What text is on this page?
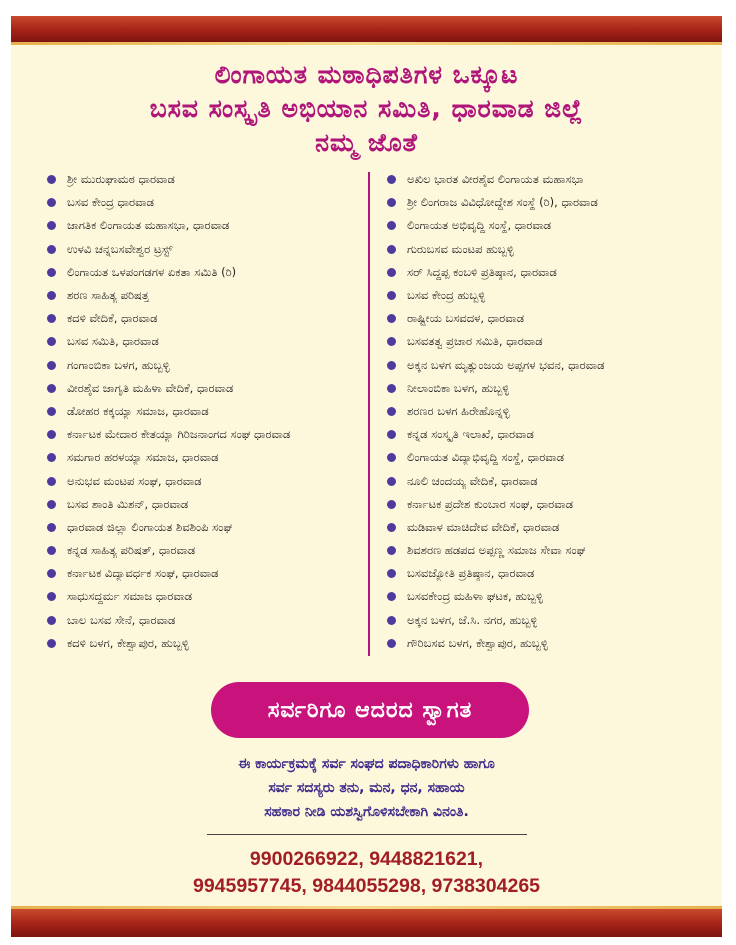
ಲಿಂಗಾಯತ ಮಠಾಧಿಪತಿಗಳ ಒಕ್ಕೂಟ
ಬಸವ ಸಂಸ್ಕೃತಿ ಅಭಿಯಾನ ಸಮಿತಿ, ಧಾರವಾಡ ಜಿಲ್ಲೆ
ನಮ್ಮ ಜೊತೆ
ಶ್ರೀ ಮುರುಘಾಮಠ ಧಾರವಾಡ
ಬಸವ ಕೇಂದ್ರ ಧಾರವಾಡ
ಜಾಗತಿಕ ಲಿಂಗಾಯತ ಮಹಾಸಭಾ, ಧಾರವಾಡ
ಉಳವಿ ಚನ್ನಬಸವೇಶ್ವರ ಟ್ರಸ್ಟ್
ಲಿಂಗಾಯತ ಒಳಪಂಗಡಗಳ ಏಕತಾ ಸಮಿತಿ (ರಿ)
ಶರಣ ಸಾಹಿತ್ಯ ಪರಿಷತ್ತ
ಕದಳಿ ವೇದಿಕೆ, ಧಾರವಾಡ
ಬಸವ ಸಮಿತಿ, ಧಾರವಾಡ
ಗಂಗಾಂಬಿಕಾ ಬಳಗ, ಹುಬ್ಬಳ್ಳಿ
ವೀರಶೈವ ಜಾಗೃತಿ ಮಹಿಳಾ ವೇದಿಕೆ, ಧಾರವಾಡ
ಡೋಹರ ಕಕ್ಕಯ್ಯಾ ಸಮಾಜ, ಧಾರವಾಡ
ಕರ್ನಾಟಕ ಮೇದಾರ ಕೇತಯ್ಯಾ ಗಿರಿಜನಾಂಗದ ಸಂಘ ಧಾರವಾಡ
ಸಮಗಾರ ಹರಳಯ್ಯಾ ಸಮಾಜ, ಧಾರವಾಡ
ಅನುಭವ ಮಂಟಪ ಸಂಘ, ಧಾರವಾಡ
ಬಸವ ಶಾಂತಿ ಮಿಶನ್, ಧಾರವಾಡ
ಧಾರವಾಡ ಜಿಲ್ಲಾ ಲಿಂಗಾಯತ ಶಿವಶಿಂಪಿ ಸಂಘ
ಕನ್ನಡ ಸಾಹಿತ್ಯ ಪರಿಷತ್, ಧಾರವಾಡ
ಕರ್ನಾಟಕ ವಿದ್ಯಾವರ್ಧಕ ಸಂಘ, ಧಾರವಾಡ
ಸಾಧುಸದ್ಧರ್ಮ ಸಮಾಜ ಧಾರವಾಡ
ಬಾಲ ಬಸವ ಸೇನೆ, ಧಾರವಾಡ
ಕದಳಿ ಬಳಗ, ಕೇಶ್ವಾಪುರ, ಹುಬ್ಬಳ್ಳಿ
ಅಖಿಲ ಭಾರತ ವೀರಶೈವ ಲಿಂಗಾಯತ ಮಹಾಸಭಾ
ಶ್ರೀ ಲಿಂಗರಾಜ ವಿವಿಧೋದ್ದೇಶ ಸಂಸ್ಥೆ (ರಿ), ಧಾರವಾಡ
ಲಿಂಗಾಯತ ಅಭಿವೃದ್ಧಿ ಸಂಸ್ಥೆ, ಧಾರವಾಡ
ಗುರುಬಸವ ಮಂಟಪ ಹುಬ್ಬಳ್ಳಿ
ಸರ್ ಸಿದ್ಧಪ್ಪ ಕಂಬಳಿ ಪ್ರತಿಷ್ಠಾನ, ಧಾರವಾಡ
ಬಸವ ಕೇಂದ್ರ ಹುಬ್ಬಳ್ಳಿ
ರಾಷ್ಟ್ರೀಯ ಬಸವದಳ, ಧಾರವಾಡ
ಬಸವತತ್ವ ಪ್ರಚಾರ ಸಮಿತಿ, ಧಾರವಾಡ
ಅಕ್ಕನ ಬಳಗ ಮೃತ್ಯುಂಜಯ ಅಪ್ಪಗಳ ಭವನ, ಧಾರವಾಡ
ನೀಲಾಂಬಿಕಾ ಬಳಗ, ಹುಬ್ಬಳ್ಳಿ
ಶರಣರ ಬಳಗ ಹಿರೇಹೊನ್ನಳ್ಳಿ
ಕನ್ನಡ ಸಂಸ್ಕೃತಿ ಇಲಾಖೆ, ಧಾರವಾಡ
ಲಿಂಗಾಯತ ವಿದ್ಯಾಭಿವೃದ್ಧಿ ಸಂಸ್ಥೆ, ಧಾರವಾಡ
ನೂಲಿ ಚಂದಯ್ಯ ವೇದಿಕೆ, ಧಾರವಾಡ
ಕರ್ನಾಟಕ ಪ್ರದೇಶ ಕುಂಬಾರ ಸಂಘ, ಧಾರವಾಡ
ಮಡಿವಾಳ ಮಾಚಿದೇವ ವೇದಿಕೆ, ಧಾರವಾಡ
ಶಿವಶರಣ ಹಡಪದ ಅಪ್ಪಣ್ಣ ಸಮಾಜ ಸೇವಾ ಸಂಘ
ಬಸವಜ್ಯೋತಿ ಪ್ರತಿಷ್ಠಾನ, ಧಾರವಾಡ
ಬಸವಕೇಂದ್ರ ಮಹಿಳಾ ಘಟಕ, ಹುಬ್ಬಳ್ಳಿ
ಅಕ್ಕನ ಬಳಗ, ಜೆ.ಸಿ. ನಗರ, ಹುಬ್ಬಳ್ಳಿ
ಗೌರಿಬಸವ ಬಳಗ, ಕೇಶ್ವಾಪುರ, ಹುಬ್ಬಳ್ಳಿ
ಸರ್ವರಿಗೂ ಆದರದ ಸ್ವಾಗತ
ಈ ಕಾರ್ಯಕ್ರಮಕ್ಕೆ ಸರ್ವ ಸಂಘದ ಪದಾಧಿಕಾರಿಗಳು ಹಾಗೂ
ಸರ್ವ ಸದಸ್ಯರು ತನು, ಮನ, ಧನ, ಸಹಾಯ
ಸಹಕಾರ ನೀಡಿ ಯಶಸ್ವಿಗೊಳಿಸಬೇಕಾಗಿ ವಿನಂತಿ.
9900266922, 9448821621,
9945957745, 9844055298, 9738304265
